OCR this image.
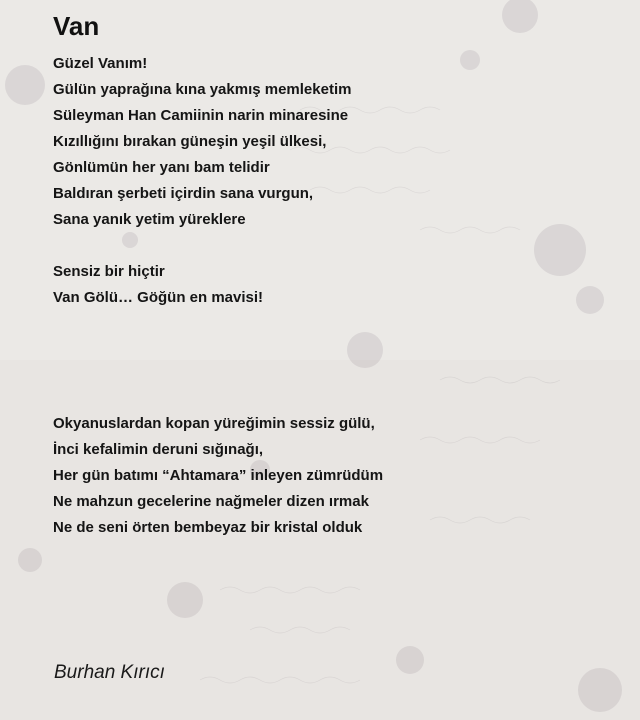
Van
Güzel Vanım!
Gülün yaprağına kına yakmış memleketim
Süleyman Han Camiinin narin minaresine
Kızıllığını bırakan güneşin yeşil ülkesi,
Gönlümün her yanı bam telidir
Baldıran şerbeti içirdin sana vurgun,
Sana yanık yetim yüreklere
Sensiz bir hiçtir
Van Gölü… Göğün en mavisi!
Okyanuslardan kopan yüreğimin sessiz gülü,
İnci kefalimin deruni sığınağı,
Her gün batımı “Ahtamara” inleyen zümrüdüm
Ne mahzun gecelerine nağmeler dizen ırmak
Ne de seni örten bembeyaz bir kristal olduk

Burhan Kırıcı
